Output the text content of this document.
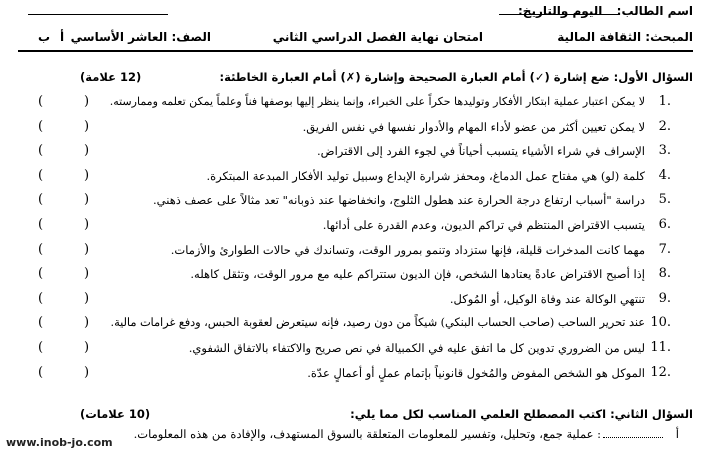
اسم الطالب:
اليوم والتاريخ:
المبحث: الثقافة المالية
امتحان نهاية الفصل الدراسي الثاني
الصف: العاشر الأساسي
أ
ب
السؤال الأول: ضع إشارة (✓) أمام العبارة الصحيحة وإشارة (✗) أمام العبارة الخاطئة:
(12 علامة)
1.
لا يمكن اعتبار عملية ابتكار الأفكار وتوليدها حكراً على الخبراء، وإنما ينظر إليها بوصفها فناً وعلماً يمكن تعلمه وممارسته.
(
)
2.
لا يمكن تعيين أكثر من عضو لأداء المهام والأدوار نفسها في نفس الفريق.
(
)
3.
الإسراف في شراء الأشياء يتسبب أحياناً في لجوء الفرد إلى الاقتراض.
(
)
4.
كلمة (لو) هي مفتاح عمل الدماغ، ومحفز شرارة الإبداع وسبيل توليد الأفكار المبدعة المبتكرة.
(
)
5.
دراسة "أسباب ارتفاع درجة الحرارة عند هطول الثلوج، وانخفاضها عند ذوبانه" تعد مثالاً على عصف ذهني.
(
)
6.
يتسبب الاقتراض المنتظم في تراكم الديون، وعدم القدرة على أدائها.
(
)
7.
مهما كانت المدخرات قليلة، فإنها ستزداد وتنمو بمرور الوقت، وتساندك في حالات الطوارئ والأزمات.
(
)
8.
إذا أصبح الاقتراض عادةً يعتادها الشخص، فإن الديون ستتراكم عليه مع مرور الوقت، وتثقل كاهله.
(
)
9.
تنتهي الوكالة عند وفاة الوكيل، أو المُوكل.
(
)
10.
عند تحرير الساحب (صاحب الحساب البنكي) شيكاً من دون رصيد، فإنه سيتعرض لعقوبة الحبس، ودفع غرامات مالية.
(
)
11.
ليس من الضروري تدوين كل ما اتفق عليه في الكمبيالة في نص صريح والاكتفاء بالاتفاق الشفوي.
(
)
12.
الموكل هو الشخص المفوض والمُخول قانونياً بإتمام عملٍ أو أعمالٍ عدّة.
(
)
السؤال الثاني: اكتب المصطلح العلمي المناسب لكل مما يلي:
(10 علامات)
أ
: عملية جمع، وتحليل، وتفسير للمعلومات المتعلقة بالسوق المستهدف، والإفادة من هذه المعلومات.
www.inob-jo.com
